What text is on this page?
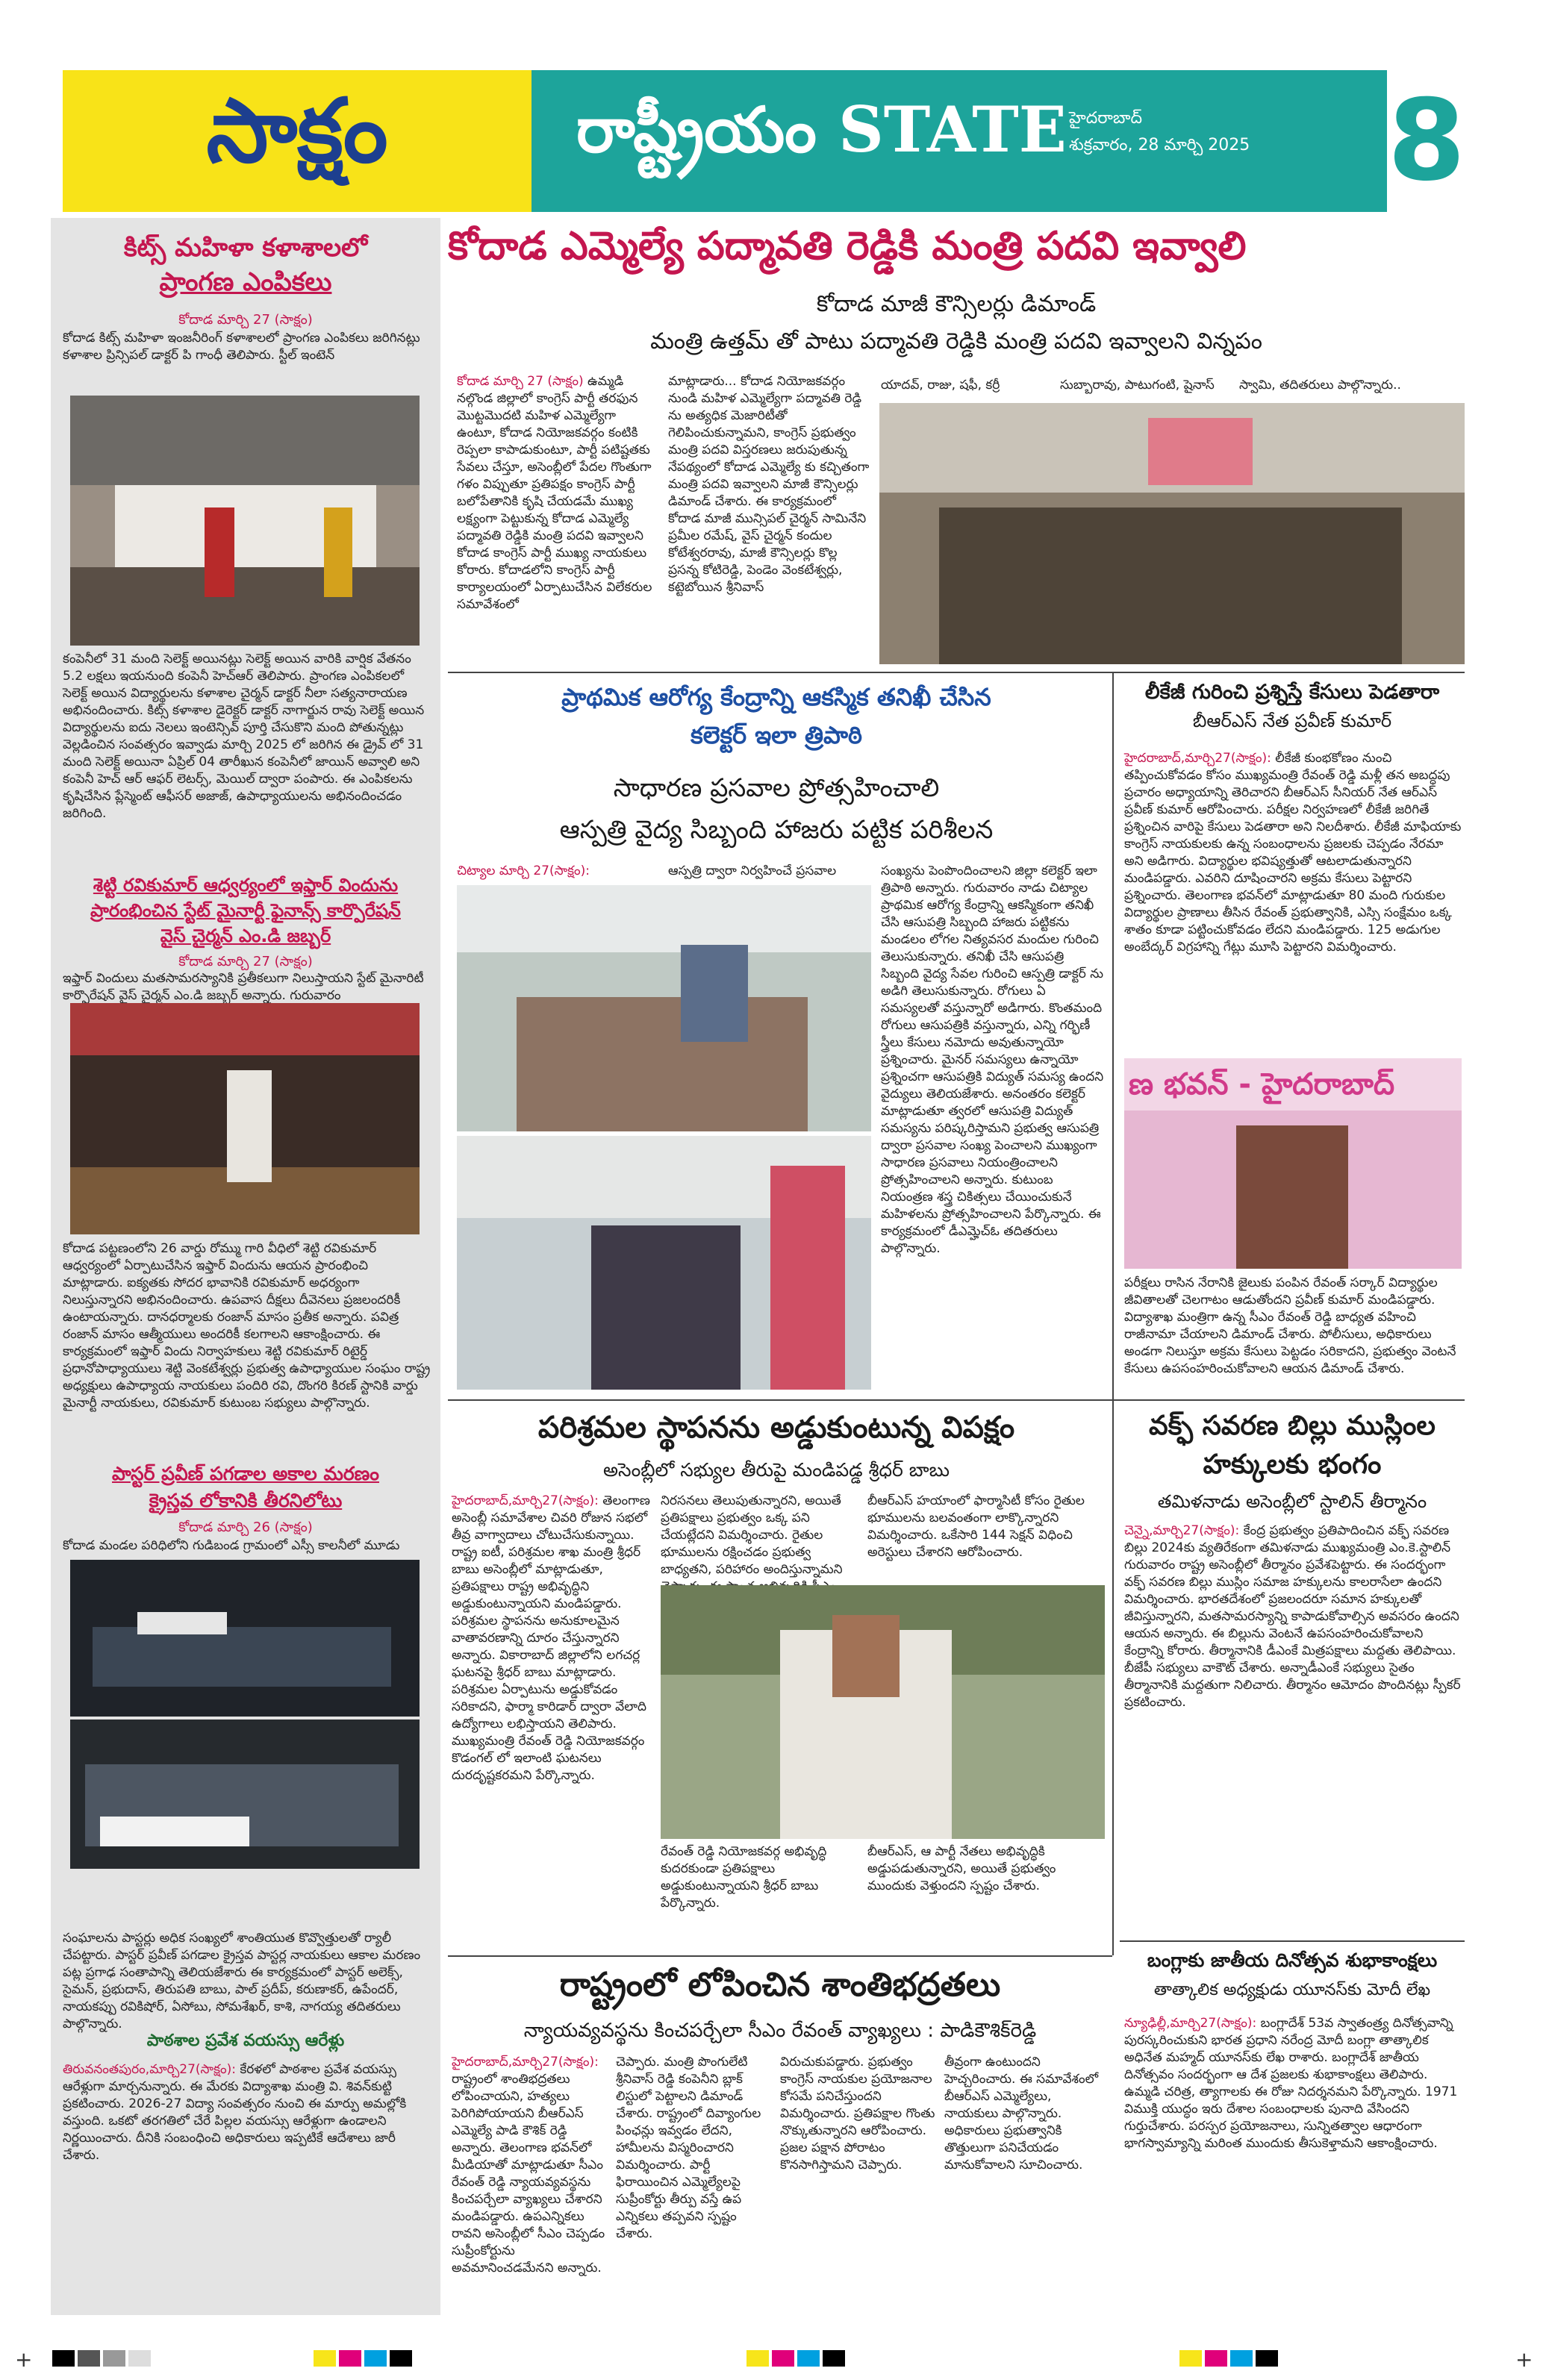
సాక్షం	రాష్ట్రీయం STATE హైదరాబాద్
శుక్రవారం, 28 మార్చి 2025 8
కిట్స్ మహిళా కళాశాలలో
ప్రాంగణ ఎంపికలు
కోదాడ మార్చి 27 (సాక్షం)
కోదాడ కిట్స్ మహిళా ఇంజనీరింగ్ కళాశాలలో ప్రాంగణ ఎంపికలు జరిగినట్లు కళాశాల ప్రిన్సిపల్ డాక్టర్ పి గాంధీ తెలిపారు. స్టీల్ ఇంటెన్
కంపెనీలో 31 మంది సెలెక్ట్ అయినట్లు సెలెక్ట్ అయిన వారికి వార్షిక వేతనం 5.2 లక్షలు ఇయనుంది కంపెనీ హెచ్ఆర్ తెలిపారు. ప్రాంగణ ఎంపికలలో సెలెక్ట్ అయిన విద్యార్థులను కళాశాల చైర్మన్ డాక్టర్ నీలా సత్యనారాయణ అభినందించారు. కిట్స్ కళాశాల డైరెక్టర్ డాక్టర్ నాగార్జున రావు సెలెక్ట్ అయిన విద్యార్థులను ఐదు నెలలు ఇంటెన్సివ్ పూర్తి చేసుకొని మంది పోతున్నట్లు వెల్లడించిన సంవత్సరం ఇవ్వాడు మార్చి 2025 లో జరిగిన ఈ డ్రైవ్ లో 31 మంది సెలెక్ట్ అయినా ఏప్రిల్ 04 తారీఖున కంపెనీలో జాయిన్ అవ్వాలి అని కంపెనీ హెచ్ ఆర్ ఆఫర్ లెటర్స్, మెయిల్ ద్వారా పంపారు. ఈ ఎంపికలను కృషిచేసిన ప్లేస్మెంట్ ఆఫీసర్ అజాజ్, ఉపాధ్యాయులను అభినందించడం జరిగింది.
శెట్టి రవికుమార్ ఆధ్వర్యంలో ఇఫ్తార్ విందును
ప్రారంభించిన స్టేట్ మైనార్టీ ఫైనాన్స్ కార్పొరేషన్
వైస్ చైర్మన్ ఎం.డి జబ్బర్
కోదాడ మార్చి 27 (సాక్షం)
ఇఫ్తార్ విందులు మతసామరస్యానికి ప్రతీకలుగా నిలుస్తాయని స్టేట్ మైనారిటీ కార్పొరేషన్ వైస్ చైర్మన్ ఎం.డి జబ్బర్ అన్నారు. గురువారం
కోదాడ పట్టణంలోని 26 వార్డు రోమ్ము గారి వీధిలో శెట్టి రవికుమార్ ఆధ్వర్యంలో ఏర్పాటుచేసిన ఇఫ్తార్ విందును ఆయన ప్రారంభించి మాట్లాడారు. ఐక్యతకు సోదర భావానికి రవికుమార్ అధర్యంగా నిలుస్తున్నారని అభినందించారు. ఉపవాస దీక్షలు దీవెనలు ప్రజలందరికీ ఉంటాయన్నారు. దానధర్మాలకు రంజాన్ మాసం ప్రతీక అన్నారు. పవిత్ర రంజాన్ మాసం ఆత్మీయులు అందరికీ కలగాలని ఆకాంక్షించారు. ఈ కార్యక్రమంలో ఇఫ్తార్ విందు నిర్వాహకులు శెట్టి రవికుమార్ రిటైర్డ్ ప్రధానోపాధ్యాయులు శెట్టి వెంకటేశ్వర్లు ప్రభుత్వ ఉపాధ్యాయుల సంఘం రాష్ట్ర అధ్యక్షులు ఉపాధ్యాయ నాయకులు పందిరి రవి, దొంగరి కిరణ్ స్టానికి వార్డు మైనార్టీ నాయకులు, రవికుమార్ కుటుంబ సభ్యులు పాల్గొన్నారు.
పాస్టర్ ప్రవీణ్ పగడాల అకాల మరణం
క్రైస్తవ లోకానికి తీరనిలోటు
కోదాడ మార్చి 26 (సాక్షం)
కోదాడ మండల పరిధిలోని గుడిబండ గ్రామంలో ఎస్సీ కాలనీలో మూడు
సంఘాలను పాస్టర్లు అధిక సంఖ్యలో శాంతియుత కొవ్వొత్తులతో ర్యాలీ చేపట్టారు. పాస్టర్ ప్రవీణ్ పగడాల క్రైస్తవ పాస్టర్ల నాయకులు ఆకాల మరణం పట్ల ప్రగాఢ సంతాపాన్ని తెలియజేశారు ఈ కార్యక్రమంలో పాస్టర్ అలెక్స్, సైమన్, ప్రభుదాస్, తిరుపతి బాబు, పాల్ ప్రదీప్, కరుణాకర్, ఉపేందర్, నాయకప్పు రవికిషోర్, ఏసోబు, సోమశేఖర్, కాశి, నాగయ్య తదితరులు పాల్గొన్నారు.
పాఠశాల ప్రవేశ వయస్సు ఆరేళ్లు
తిరువనంతపురం,మార్చి27(సాక్షం): కేరళలో పాఠశాల ప్రవేశ వయస్సు ఆరేళ్లుగా మార్చనున్నారు. ఈ మేరకు విద్యాశాఖ మంత్రి వి. శివన్‌కుట్టి ప్రకటించారు. 2026-27 విద్యా సంవత్సరం నుంచి ఈ మార్పు అమల్లోకి వస్తుంది. ఒకటో తరగతిలో చేరే పిల్లల వయస్సు ఆరేళ్లుగా ఉండాలని నిర్ణయించారు. దీనికి సంబంధించి అధికారులు ఇప్పటికే ఆదేశాలు జారీ చేశారు.
కోదాడ ఎమ్మెల్యే పద్మావతి రెడ్డికి మంత్రి పదవి ఇవ్వాలి
కోదాడ మాజీ కౌన్సిలర్లు డిమాండ్
మంత్రి ఉత్తమ్ తో పాటు పద్మావతి రెడ్డికి మంత్రి పదవి ఇవ్వాలని విన్నపం
కోదాడ మార్చి 27 (సాక్షం) ఉమ్మడి నల్గొండ జిల్లాలో కాంగ్రెస్ పార్టీ తరఫున మొట్టమొదటి మహిళ ఎమ్మెల్యేగా ఉంటూ, కోదాడ నియోజకవర్గం కంటికి రెప్పలా కాపాడుకుంటూ, పార్టీ పటిష్టతకు సేవలు చేస్తూ, అసెంబ్లీలో పేదల గొంతుగా గళం విప్పుతూ ప్రతిపక్షం కాంగ్రెస్ పార్టీ బలోపేతానికి కృషి చేయడమే ముఖ్య లక్ష్యంగా పెట్టుకున్న కోదాడ ఎమ్మెల్యే పద్మావతి రెడ్డికి మంత్రి పదవి ఇవ్వాలని కోదాడ కాంగ్రెస్ పార్టీ ముఖ్య నాయకులు కోరారు. కోదాడలోని కాంగ్రెస్ పార్టీ కార్యాలయంలో ఏర్పాటుచేసిన విలేకరుల సమావేశంలో
మాట్లాడారు... కోదాడ నియోజకవర్గం నుండి మహిళ ఎమ్మెల్యేగా పద్మావతి రెడ్డి ను అత్యధిక మెజారిటీతో గెలిపించుకున్నామని, కాంగ్రెస్ ప్రభుత్వం మంత్రి పదవి విస్తరణలు జరుపుతున్న నేపథ్యంలో కోదాడ ఎమ్మెల్యే కు కచ్చితంగా మంత్రి పదవి ఇవ్వాలని మాజీ కౌన్సిలర్లు డిమాండ్ చేశారు. ఈ కార్యక్రమంలో కోదాడ మాజీ మున్సిపల్ చైర్మన్ సామినేని ప్రమీల రమేష్, వైస్ చైర్మన్ కందుల కోటేశ్వరరావు, మాజీ కౌన్సిలర్లు కొల్ల ప్రసన్న కోటిరెడ్డి, పెండెం వెంకటేశ్వర్లు, కట్టెబోయిన శ్రీనివాస్
యాదవ్, రాజు, షఫీ, కర్రీ	సుబ్బారావు, పాటుగంటి, షైనాస్ స్వామి, తదితరులు పాల్గొన్నారు..
ప్రాథమిక ఆరోగ్య కేంద్రాన్ని ఆకస్మిక తనిఖీ చేసిన
కలెక్టర్ ఇలా త్రిపాఠి
సాధారణ ప్రసవాల ప్రోత్సహించాలి
ఆస్పత్రి వైద్య సిబ్బంది హాజరు పట్టిక పరిశీలన
చిట్యాల మార్చి 27(సాక్షం):	ఆస్పత్రి ద్వారా నిర్వహించే ప్రసవాల	సంఖ్యను పెంపొందించాలని జిల్లా కలెక్టర్ ఇలా త్రిపాఠి అన్నారు. గురువారం నాడు చిట్యాల ప్రాథమిక ఆరోగ్య కేంద్రాన్ని ఆకస్మికంగా తనిఖీ చేసి ఆసుపత్రి సిబ్బంది హాజరు పట్టికను మండలం లోగల నిత్యవసర మందుల గురించి తెలుసుకున్నారు. తనిఖీ చేసి ఆసుపత్రి సిబ్బంది వైద్య సేవల గురించి ఆస్పత్రి డాక్టర్ ను అడిగి తెలుసుకున్నారు. రోగులు ఏ సమస్యలతో వస్తున్నారో అడిగారు. కొంతమంది రోగులు ఆసుపత్రికి వస్తున్నారు, ఎన్ని గర్భిణీ స్త్రీలు కేసులు నమోదు అవుతున్నాయో ప్రశ్నించారు. మైనర్ సమస్యలు ఉన్నాయో ప్రశ్నించగా ఆసుపత్రికి విద్యుత్ సమస్య ఉందని వైద్యులు తెలియజేశారు. అనంతరం కలెక్టర్ మాట్లాడుతూ త్వరలో ఆసుపత్రి విద్యుత్ సమస్యను పరిష్కరిస్తామని ప్రభుత్వ ఆసుపత్రి ద్వారా ప్రసవాల సంఖ్య పెంచాలని ముఖ్యంగా సాధారణ ప్రసవాలు నియంత్రించాలని ప్రోత్సహించాలని అన్నారు. కుటుంబ నియంత్రణ శస్త్ర చికిత్సలు చేయించుకునే మహిళలను ప్రోత్సహించాలని పేర్కొన్నారు. ఈ కార్యక్రమంలో డీఎమ్హెచ్ఓ తదితరులు పాల్గొన్నారు.
లీకేజీ గురించి ప్రశ్నిస్తే కేసులు పెడతారా
బీఆర్ఎస్ నేత ప్రవీణ్ కుమార్
హైదరాబాద్,మార్చి27(సాక్షం): లీకేజీ కుంభకోణం నుంచి తప్పించుకోవడం కోసం ముఖ్యమంత్రి రేవంత్ రెడ్డి మళ్లీ తన అబద్ధపు ప్రచారం అధ్యాయాన్ని తెరిచారని బీఆర్ఎస్ సీనియర్ నేత ఆర్ఎస్ ప్రవీణ్ కుమార్ ఆరోపించారు. పరీక్షల నిర్వహణలో లీకేజీ జరిగితే ప్రశ్నించిన వారిపై కేసులు పెడతారా అని నిలదీశారు. లీకేజీ మాఫియాకు కాంగ్రెస్ నాయకులకు ఉన్న సంబంధాలను ప్రజలకు చెప్పడం నేరమా అని అడిగారు. విద్యార్థుల భవిష్యత్తుతో ఆటలాడుతున్నారని మండిపడ్డారు. ఎవరిని దూషించారని అక్రమ కేసులు పెట్టారని ప్రశ్నించారు. తెలంగాణ భవన్‌లో మాట్లాడుతూ 80 మంది గురుకుల విద్యార్థుల ప్రాణాలు తీసిన రేవంత్ ప్రభుత్వానికి, ఎస్సి సంక్షేమం ఒక్క శాతం కూడా పట్టించుకోవడం లేదని మండిపడ్డారు. 125 అడుగుల అంబేద్కర్ విగ్రహాన్ని గేట్లు మూసి పెట్టారని విమర్శించారు.
ణ భవన్ - హైదరాబాద్
పరీక్షలు రాసిన నేరానికి జైలుకు పంపిన రేవంత్ సర్కార్ విద్యార్థుల జీవితాలతో చెలగాటం ఆడుతోందని ప్రవీణ్ కుమార్ మండిపడ్డారు. విద్యాశాఖ మంత్రిగా ఉన్న సీఎం రేవంత్ రెడ్డి బాధ్యత వహించి రాజీనామా చేయాలని డిమాండ్ చేశారు. పోలీసులు, అధికారులు అండగా నిలుస్తూ అక్రమ కేసులు పెట్టడం సరికాదని, ప్రభుత్వం వెంటనే కేసులు ఉపసంహరించుకోవాలని ఆయన డిమాండ్ చేశారు.
పరిశ్రమల స్థాపనను అడ్డుకుంటున్న విపక్షం
అసెంబ్లీలో సభ్యుల తీరుపై మండిపడ్డ శ్రీధర్ బాబు
హైదరాబాద్,మార్చి27(సాక్షం): తెలంగాణ అసెంబ్లీ సమావేశాల చివరి రోజున సభలో తీవ్ర వాగ్వాదాలు చోటుచేసుకున్నాయి. రాష్ట్ర ఐటీ, పరిశ్రమల శాఖ మంత్రి శ్రీధర్ బాబు అసెంబ్లీలో మాట్లాడుతూ, ప్రతిపక్షాలు రాష్ట్ర అభివృద్ధిని అడ్డుకుంటున్నాయని మండిపడ్డారు. పరిశ్రమల స్థాపనను అనుకూలమైన వాతావరణాన్ని దూరం చేస్తున్నారని అన్నారు. వికారాబాద్ జిల్లాలోని లగచర్ల ఘటనపై శ్రీధర్ బాబు మాట్లాడారు. పరిశ్రమల ఏర్పాటును అడ్డుకోవడం సరికాదని, ఫార్మా కారిడార్ ద్వారా వేలాది ఉద్యోగాలు లభిస్తాయని తెలిపారు. ముఖ్యమంత్రి రేవంత్ రెడ్డి నియోజకవర్గం కొడంగల్ లో ఇలాంటి ఘటనలు దురదృష్టకరమని పేర్కొన్నారు.
నిరసనలు తెలుపుతున్నారని, అయితే ప్రతిపక్షాలు ప్రభుత్వం ఒక్క పని చేయట్లేదని విమర్శించారు. రైతుల భూములను రక్షించడం ప్రభుత్వ బాధ్యతని, పరిహారం అందిస్తున్నామని
బీఆర్ఎస్ హయాంలో ఫార్మాసిటీ కోసం రైతుల భూములను బలవంతంగా లాక్కొన్నారని విమర్శించారు. ఒకేసారి 144 సెక్షన్ విధించి అరెస్టులు చేశారని ఆరోపించారు.
రేవంత్ రెడ్డి నియోజకవర్గ అభివృద్ధి కుదరకుండా ప్రతిపక్షాలు అడ్డుకుంటున్నాయని శ్రీధర్ బాబు పేర్కొన్నారు.
బీఆర్ఎస్, ఆ పార్టీ నేతలు అభివృద్ధికి అడ్డుపడుతున్నారని, అయితే ప్రభుత్వం ముందుకు వెళ్తుందని స్పష్టం చేశారు.
వక్ఫ్ సవరణ బిల్లు ముస్లింల
హక్కులకు భంగం
తమిళనాడు అసెంబ్లీలో స్టాలిన్ తీర్మానం
చెన్నై,మార్చి27(సాక్షం): కేంద్ర ప్రభుత్వం ప్రతిపాదించిన వక్ఫ్ సవరణ బిల్లు 2024కు వ్యతిరేకంగా తమిళనాడు ముఖ్యమంత్రి ఎం.కె.స్టాలిన్ గురువారం రాష్ట్ర అసెంబ్లీలో తీర్మానం ప్రవేశపెట్టారు. ఈ సందర్భంగా వక్ఫ్ సవరణ బిల్లు ముస్లిం సమాజ హక్కులను కాలరాసేలా ఉందని విమర్శించారు. భారతదేశంలో ప్రజలందరూ సమాన హక్కులతో జీవిస్తున్నారని, మతసామరస్యాన్ని కాపాడుకోవాల్సిన అవసరం ఉందని ఆయన అన్నారు. ఈ బిల్లును వెంటనే ఉపసంహరించుకోవాలని కేంద్రాన్ని కోరారు. తీర్మానానికి డీఎంకే మిత్రపక్షాలు మద్దతు తెలిపాయి. బీజేపీ సభ్యులు వాకౌట్ చేశారు. అన్నాడీఎంకే సభ్యులు సైతం తీర్మానానికి మద్దతుగా నిలిచారు. తీర్మానం ఆమోదం పొందినట్లు స్పీకర్ ప్రకటించారు.
బంగ్లాకు జాతీయ దినోత్సవ శుభాకాంక్షలు
తాత్కాలిక అధ్యక్షుడు యూనస్‌కు మోదీ లేఖ
న్యూఢిల్లీ,మార్చి27(సాక్షం): బంగ్లాదేశ్ 53వ స్వాతంత్ర్య దినోత్సవాన్ని పురస్కరించుకుని భారత ప్రధాని నరేంద్ర మోదీ బంగ్లా తాత్కాలిక అధినేత మహ్మద్ యూనస్‌కు లేఖ రాశారు. బంగ్లాదేశ్ జాతీయ దినోత్సవం సందర్భంగా ఆ దేశ ప్రజలకు శుభాకాంక్షలు తెలిపారు. ఉమ్మడి చరిత్ర, త్యాగాలకు ఈ రోజు నిదర్శనమని పేర్కొన్నారు. 1971 విముక్తి యుద్ధం ఇరు దేశాల సంబంధాలకు పునాది వేసిందని గుర్తుచేశారు. పరస్పర ప్రయోజనాలు, సున్నితత్వాల ఆధారంగా భాగస్వామ్యాన్ని మరింత ముందుకు తీసుకెళ్తామని ఆకాంక్షించారు.
రాష్ట్రంలో లోపించిన శాంతిభద్రతలు
న్యాయవ్యవస్థను కించపర్చేలా సీఎం రేవంత్ వ్యాఖ్యలు : పాడికౌశిక్‌రెడ్డి
హైదరాబాద్,మార్చి27(సాక్షం): రాష్ట్రంలో శాంతిభద్రతలు లోపించాయని, హత్యలు పెరిగిపోయాయని బీఆర్ఎస్ ఎమ్మెల్యే పాడి కౌశిక్ రెడ్డి అన్నారు. తెలంగాణ భవన్‌లో మీడియాతో మాట్లాడుతూ సీఎం రేవంత్ రెడ్డి న్యాయవ్యవస్థను కించపర్చేలా వ్యాఖ్యలు చేశారని మండిపడ్డారు. ఉపఎన్నికలు రావని అసెంబ్లీలో సీఎం చెప్పడం సుప్రీంకోర్టును అవమానించడమేనని అన్నారు.
చెప్పారు. మంత్రి పొంగులేటి శ్రీనివాస్ రెడ్డి కంపెనీని బ్లాక్ లిస్టులో పెట్టాలని డిమాండ్ చేశారు. రాష్ట్రంలో దివ్యాంగుల పింఛన్లు ఇవ్వడం లేదని, హామీలను విస్మరించారని విమర్శించారు. పార్టీ ఫిరాయించిన ఎమ్మెల్యేలపై సుప్రీంకోర్టు తీర్పు వస్తే ఉప ఎన్నికలు తప్పవని స్పష్టం చేశారు.
విరుచుకుపడ్డారు. ప్రభుత్వం కాంగ్రెస్ నాయకుల ప్రయోజనాల కోసమే పనిచేస్తుందని విమర్శించారు. ప్రతిపక్షాల గొంతు నొక్కుతున్నారని ఆరోపించారు. ప్రజల పక్షాన పోరాటం కొనసాగిస్తామని చెప్పారు.
తీవ్రంగా ఉంటుందని హెచ్చరించారు. ఈ సమావేశంలో బీఆర్ఎస్ ఎమ్మెల్యేలు, నాయకులు పాల్గొన్నారు. అధికారులు ప్రభుత్వానికి తొత్తులుగా పనిచేయడం మానుకోవాలని సూచించారు.
+	+
